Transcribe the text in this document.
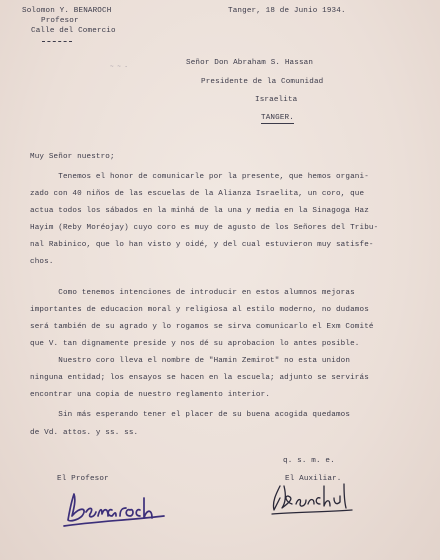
Solomon Y. BENAROCH
Profesor
Calle del Comercio
Tanger, 18 de Junio 1934.
~ ~ -	Señor Don Abraham S. Hassan
Presidente de la Comunidad
Israelita
TANGER.
Muy Señor nuestro;
Tenemos el honor de comunicarle por la presente, que hemos organi-
zado con 40 niños de las escuelas de la Alianza Israelita, un coro, que
actua todos los sábados en la minhá de la una y media en la Sinagoga Haz
Hayim (Reby Moréojay) cuyo coro es muy de agusto de los Señores del Tribu-
nal Rabinico, que lo han visto y oidé, y del cual estuvieron muy satisfe-
chos.
Como tenemos intenciones de introducir en estos alumnos mejoras
importantes de educacion moral y religiosa al estilo moderno, no dudamos
será también de su agrado y lo rogamos se sirva comunicarlo el Exm Comité
que V. tan dignamente preside y nos dé su aprobacion lo antes posible.
Nuestro coro lleva el nombre de "Hamin Zemirot" no esta unidon
ninguna entidad; los ensayos se hacen en la escuela; adjunto se servirás
encontrar una copia de nuestro reglamento interior.
Sin más esperando tener el placer de su buena acogida quedamos
de Vd. attos. y ss. ss.
q. s. m. e.
El Profesor	El Auxiliar.
